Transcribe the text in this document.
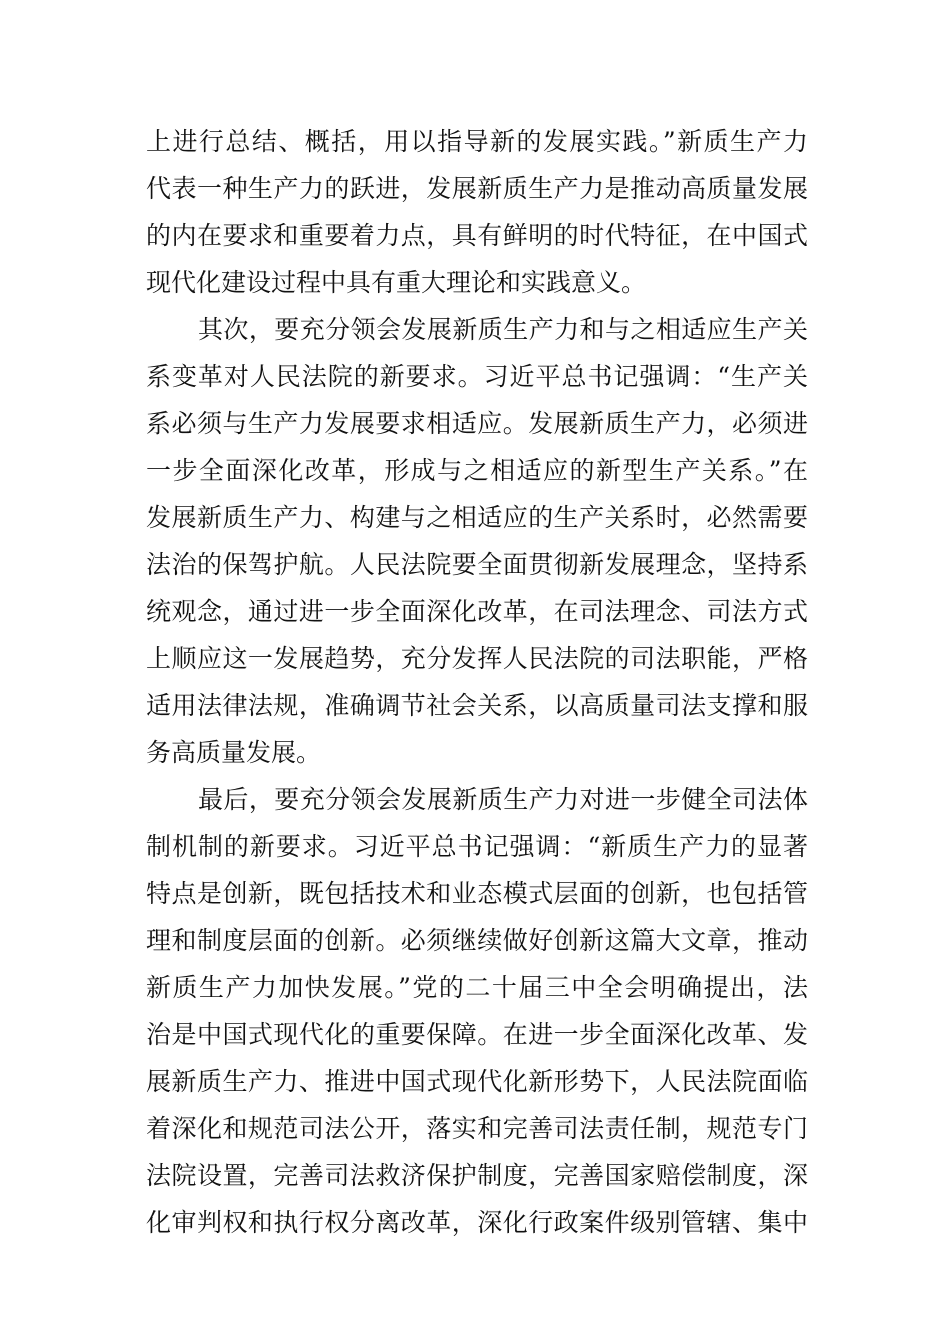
上进行总结、概括，用以指导新的发展实践。”新质生产力
代表一种生产力的跃进，发展新质生产力是推动高质量发展
的内在要求和重要着力点，具有鲜明的时代特征，在中国式
现代化建设过程中具有重大理论和实践意义。
其次，要充分领会发展新质生产力和与之相适应生产关
系变革对人民法院的新要求。习近平总书记强调：“生产关
系必须与生产力发展要求相适应。发展新质生产力，必须进
一步全面深化改革，形成与之相适应的新型生产关系。”在
发展新质生产力、构建与之相适应的生产关系时，必然需要
法治的保驾护航。人民法院要全面贯彻新发展理念，坚持系
统观念，通过进一步全面深化改革，在司法理念、司法方式
上顺应这一发展趋势，充分发挥人民法院的司法职能，严格
适用法律法规，准确调节社会关系，以高质量司法支撑和服
务高质量发展。
最后，要充分领会发展新质生产力对进一步健全司法体
制机制的新要求。习近平总书记强调：“新质生产力的显著
特点是创新，既包括技术和业态模式层面的创新，也包括管
理和制度层面的创新。必须继续做好创新这篇大文章，推动
新质生产力加快发展。”党的二十届三中全会明确提出，法
治是中国式现代化的重要保障。在进一步全面深化改革、发
展新质生产力、推进中国式现代化新形势下，人民法院面临
着深化和规范司法公开，落实和完善司法责任制，规范专门
法院设置，完善司法救济保护制度，完善国家赔偿制度，深
化审判权和执行权分离改革，深化行政案件级别管辖、集中
